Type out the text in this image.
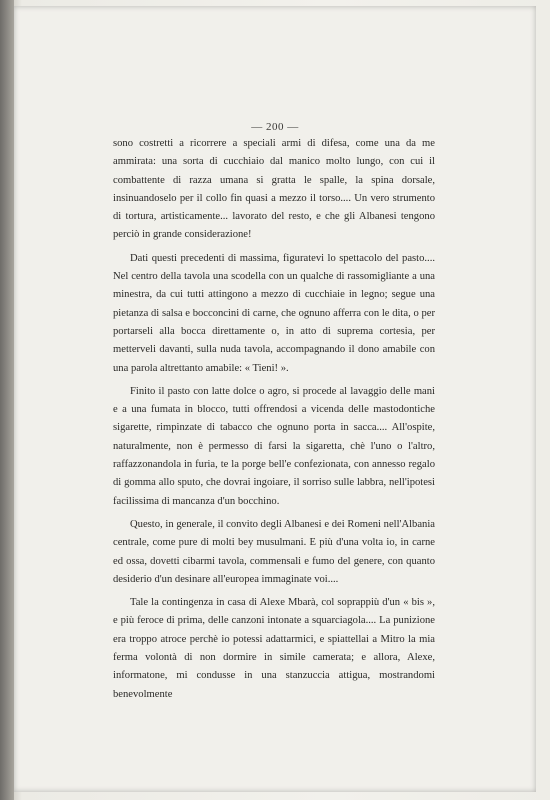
— 200 —

sono costretti a ricorrere a speciali armi di difesa, come una da me ammirata: una sorta di cucchiaio dal manico molto lungo, con cui il combattente di razza umana si gratta le spalle, la spina dorsale, insinuandoselo per il collo fin quasi a mezzo il torso.... Un vero strumento di tortura, artisticamente... lavorato del resto, e che gli Albanesi tengono perciò in grande considerazione!

Dati questi precedenti di massima, figuratevi lo spettacolo del pasto.... Nel centro della tavola una scodella con un qualche di rassomigliante a una minestra, da cui tutti attingono a mezzo di cucchiaie in legno; segue una pietanza di salsa e bocconcini di carne, che ognuno afferra con le dita, o per portarseli alla bocca direttamente o, in atto di suprema cortesia, per metterveli davanti, sulla nuda tavola, accompagnando il dono amabile con una parola altrettanto amabile: « Tieni! ».

Finito il pasto con latte dolce o agro, si procede al lavaggio delle mani e a una fumata in blocco, tutti offrendosi a vicenda delle mastodontiche sigarette, rimpinzate di tabacco che ognuno porta in sacca.... All'ospite, naturalmente, non è permesso di farsi la sigaretta, chè l'uno o l'altro, raffazzonandola in furia, te la porge bell'e confezionata, con annesso regalo di gomma allo sputo, che dovrai ingoiare, il sorriso sulle labbra, nell'ipotesi facilissima di mancanza d'un bocchino.

Questo, in generale, il convito degli Albanesi e dei Romeni nell'Albania centrale, come pure di molti bey musulmani. E più d'una volta io, in carne ed ossa, dovetti cibarmi tavola, commensali e fumo del genere, con quanto desiderio d'un desinare all'europea immaginate voi....

Tale la contingenza in casa di Alexe Mbarà, col soprappiù d'un « bis », e più feroce di prima, delle canzoni intonate a squarciagola.... La punizione era troppo atroce perchè io potessi adattarmici, e spiattellai a Mitro la mia ferma volontà di non dormire in simile camerata; e allora, Alexe, informatone, mi condusse in una stanzuccia attigua, mostrandomi benevolmente
